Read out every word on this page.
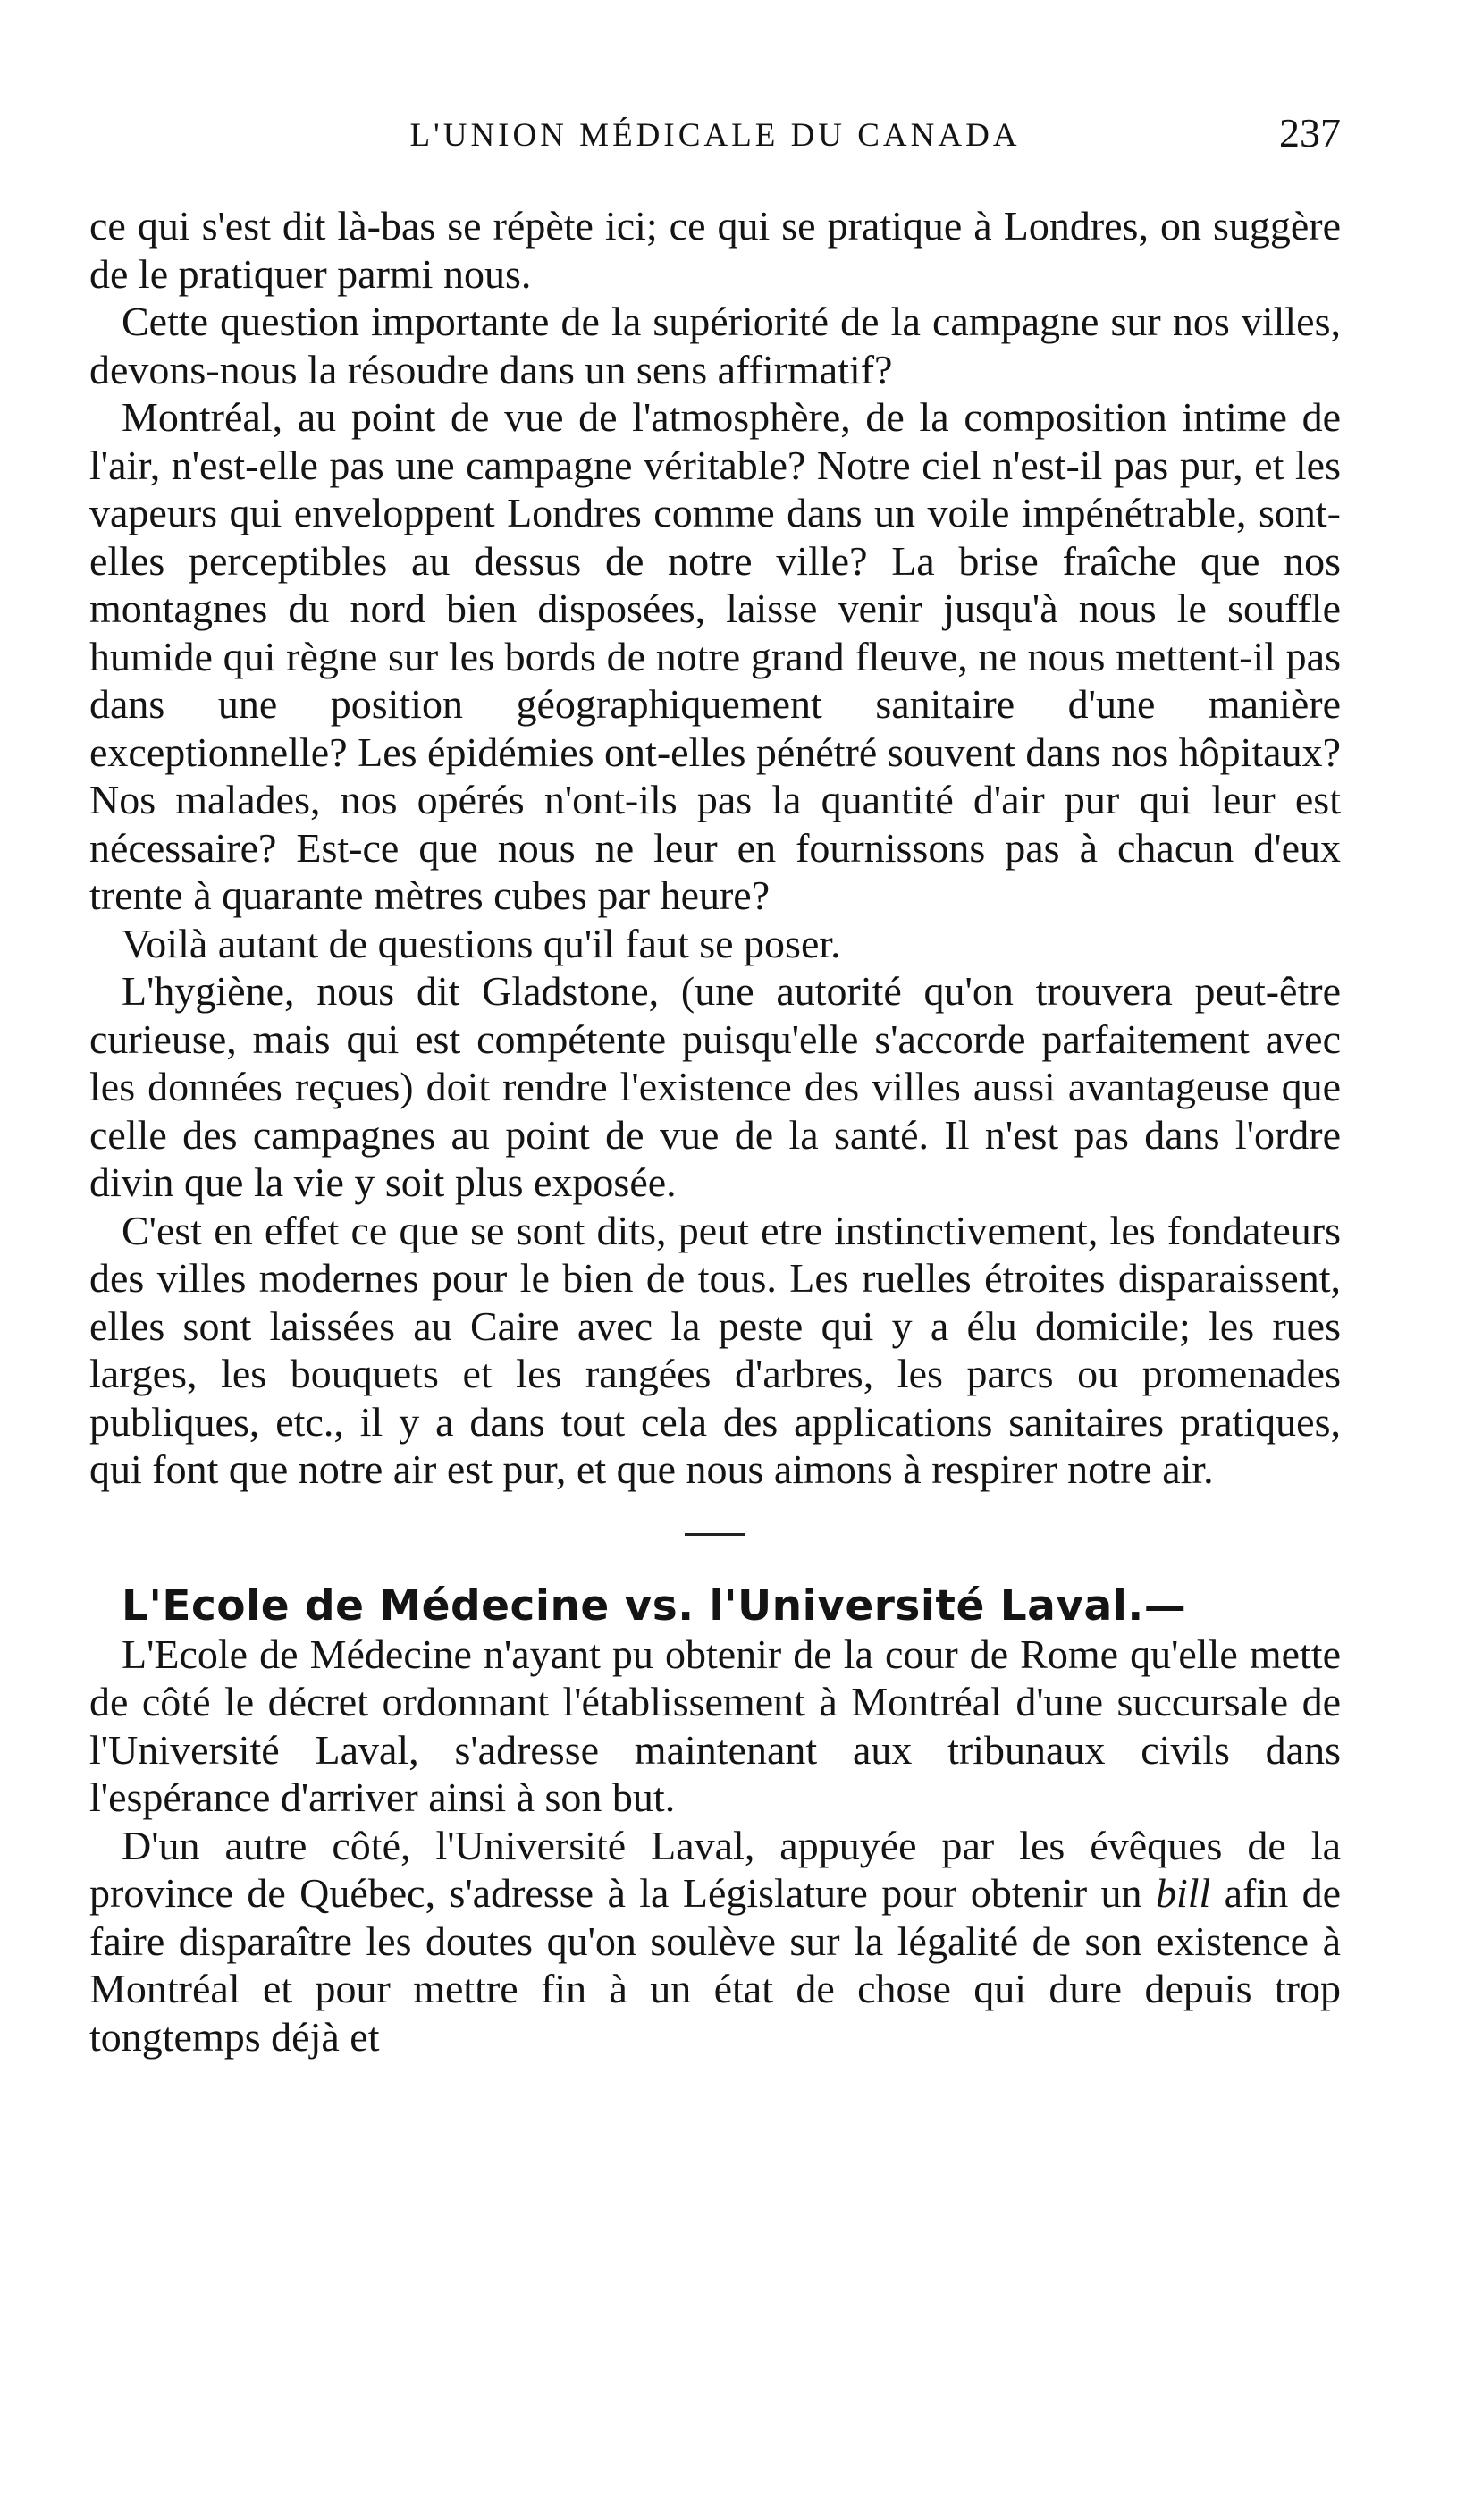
L'UNION MÉDICALE DU CANADA	237

ce qui s'est dit là-bas se répète ici; ce qui se pratique à Londres, on suggère de le pratiquer parmi nous.

Cette question importante de la supériorité de la campagne sur nos villes, devons-nous la résoudre dans un sens affirmatif?

Montréal, au point de vue de l'atmosphère, de la composition intime de l'air, n'est-elle pas une campagne véritable? Notre ciel n'est-il pas pur, et les vapeurs qui enveloppent Londres comme dans un voile impénétrable, sont-elles perceptibles au dessus de notre ville? La brise fraîche que nos montagnes du nord bien disposées, laisse venir jusqu'à nous le souffle humide qui règne sur les bords de notre grand fleuve, ne nous mettent-il pas dans une position géographiquement sanitaire d'une manière exceptionnelle? Les épidémies ont-elles pénétré souvent dans nos hôpitaux? Nos malades, nos opérés n'ont-ils pas la quantité d'air pur qui leur est nécessaire? Est-ce que nous ne leur en fournissons pas à chacun d'eux trente à quarante mètres cubes par heure?

Voilà autant de questions qu'il faut se poser.

L'hygiène, nous dit Gladstone, (une autorité qu'on trouvera peut-être curieuse, mais qui est compétente puisqu'elle s'accorde parfaitement avec les données reçues) doit rendre l'existence des villes aussi avantageuse que celle des campagnes au point de vue de la santé. Il n'est pas dans l'ordre divin que la vie y soit plus exposée.

C'est en effet ce que se sont dits, peut etre instinctivement, les fondateurs des villes modernes pour le bien de tous. Les ruelles étroites disparaissent, elles sont laissées au Caire avec la peste qui y a élu domicile; les rues larges, les bouquets et les rangées d'arbres, les parcs ou promenades publiques, etc., il y a dans tout cela des applications sanitaires pratiques, qui font que notre air est pur, et que nous aimons à respirer notre air.

L'Ecole de Médecine vs. l'Université Laval.—

L'Ecole de Médecine n'ayant pu obtenir de la cour de Rome qu'elle mette de côté le décret ordonnant l'établissement à Montréal d'une succursale de l'Université Laval, s'adresse maintenant aux tribunaux civils dans l'espérance d'arriver ainsi à son but.

D'un autre côté, l'Université Laval, appuyée par les évêques de la province de Québec, s'adresse à la Législature pour obtenir un bill afin de faire disparaître les doutes qu'on soulève sur la légalité de son existence à Montréal et pour mettre fin à un état de chose qui dure depuis trop tongtemps déjà et
